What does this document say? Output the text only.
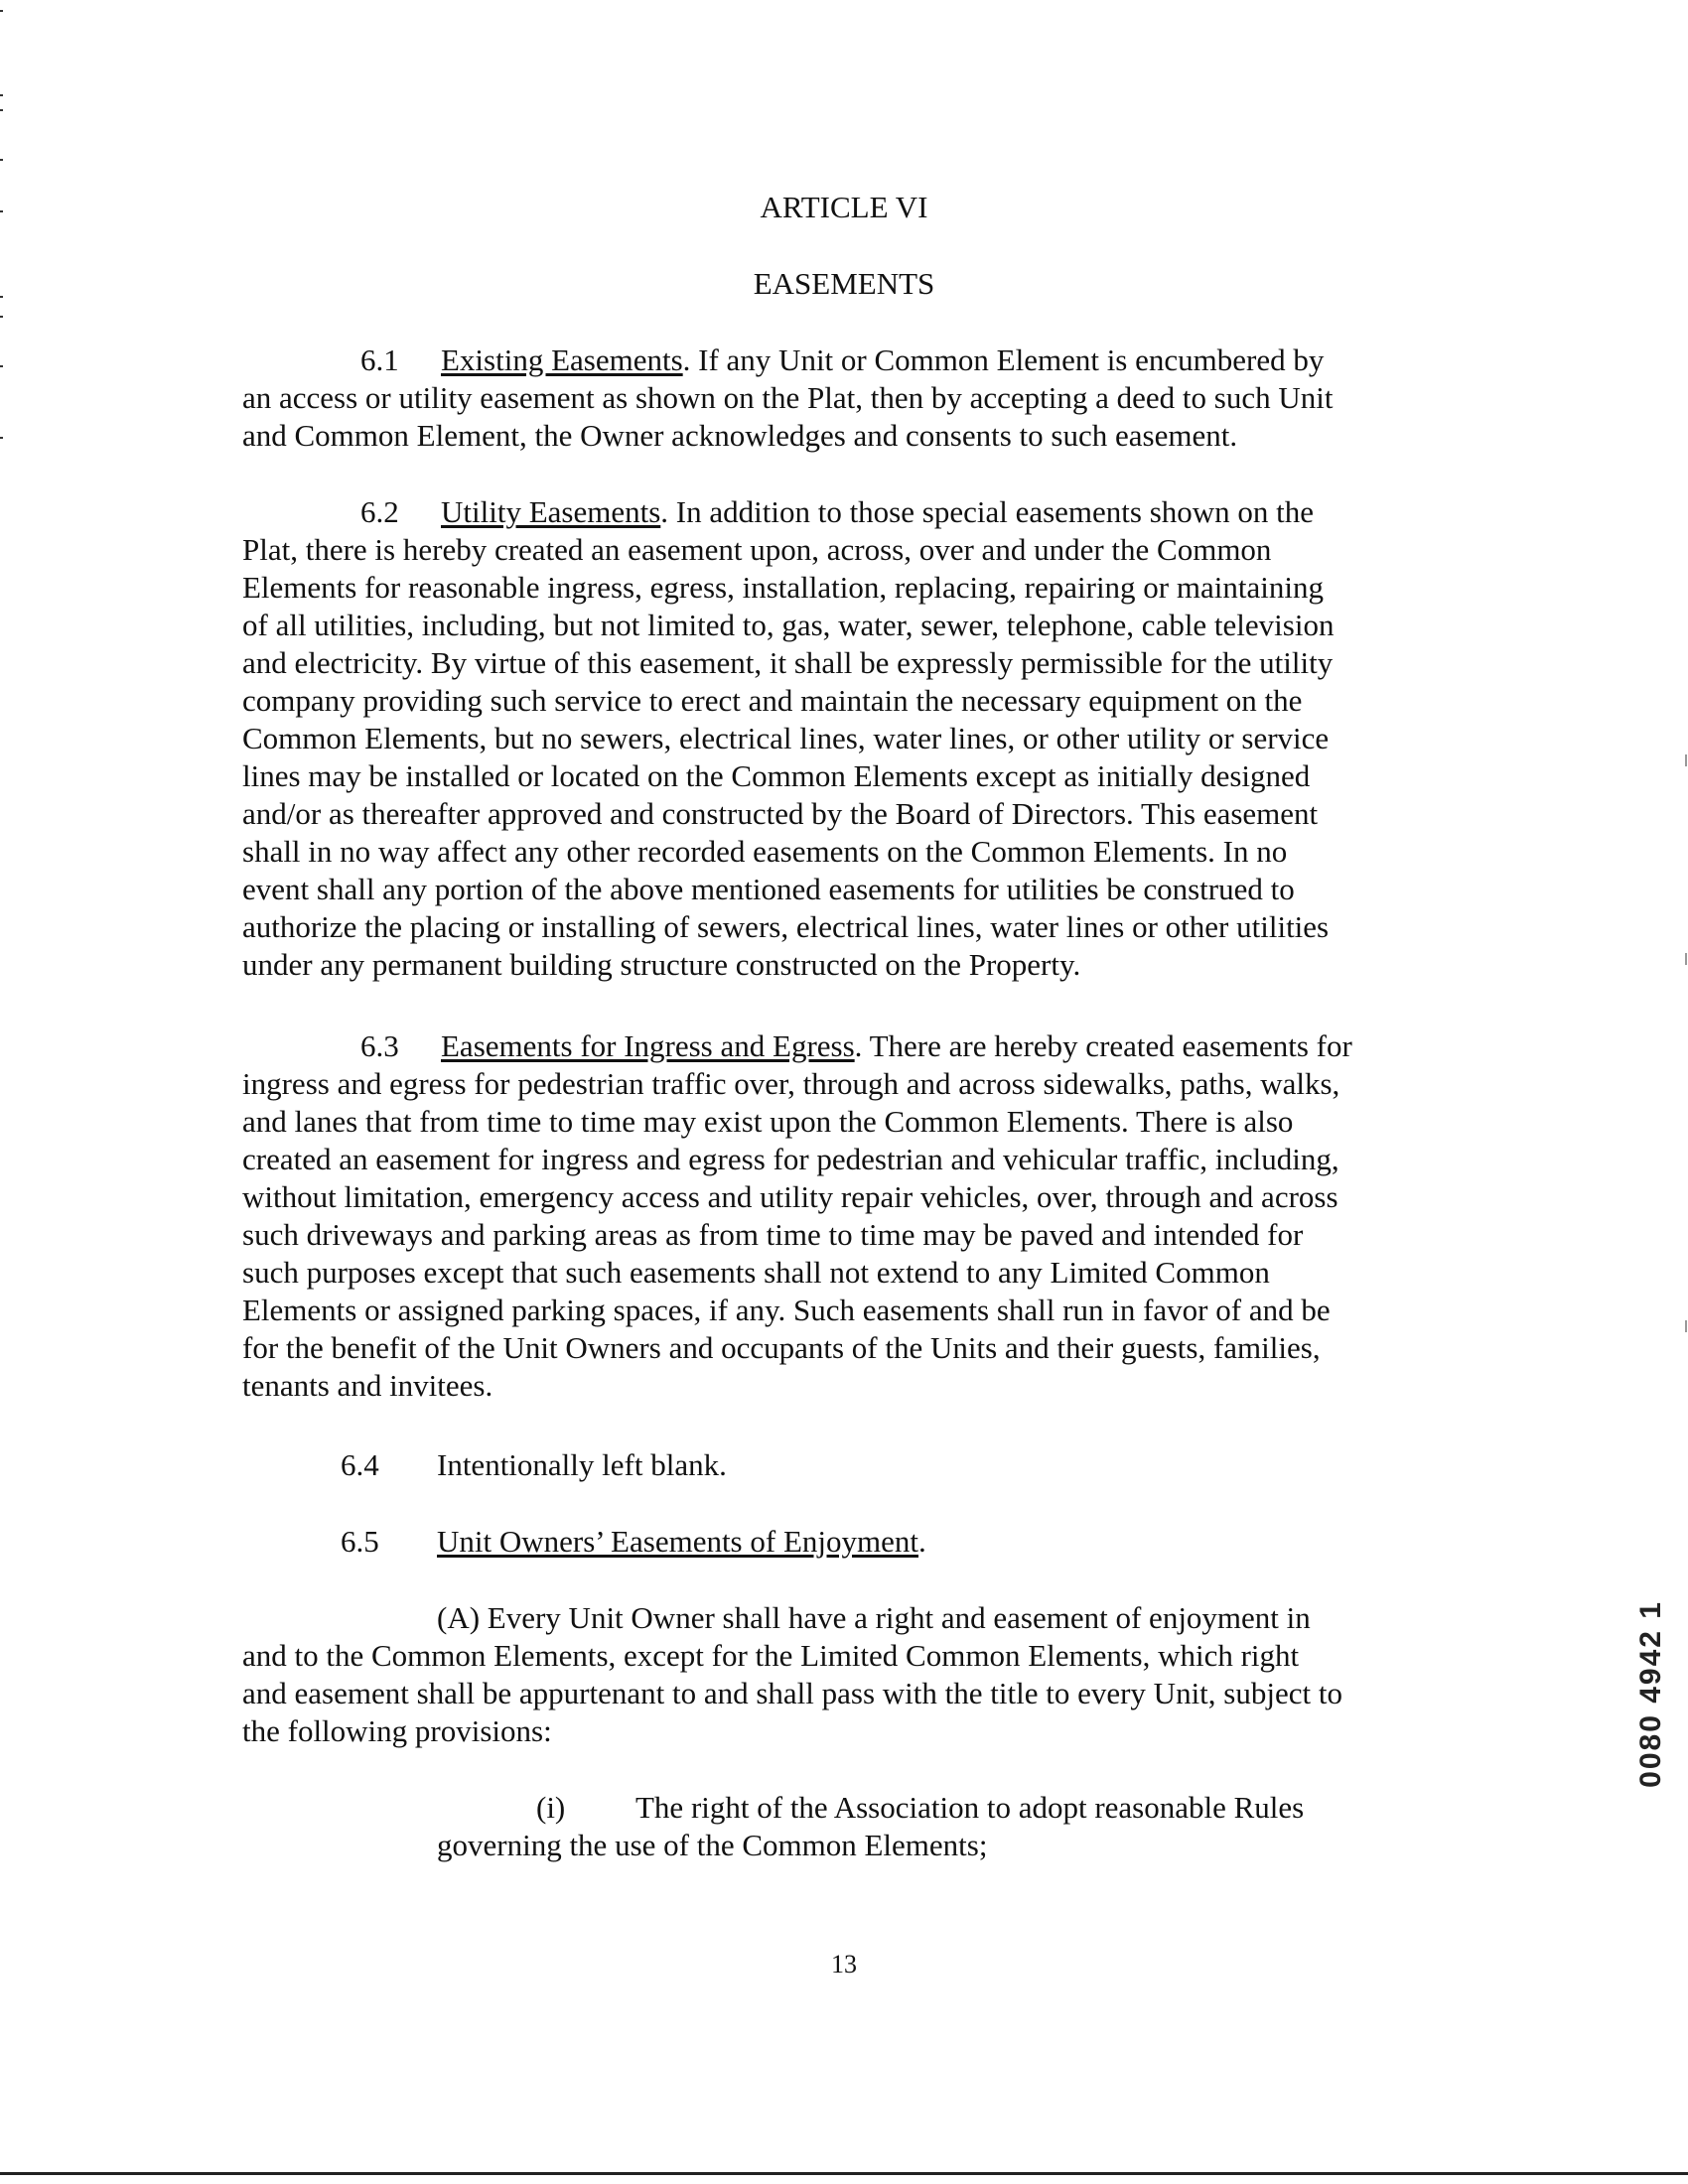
ARTICLE VI
EASEMENTS
6.1 Existing Easements. If any Unit or Common Element is encumbered by
an access or utility easement as shown on the Plat, then by accepting a deed to such Unit
and Common Element, the Owner acknowledges and consents to such easement.
6.2 Utility Easements. In addition to those special easements shown on the
Plat, there is hereby created an easement upon, across, over and under the Common
Elements for reasonable ingress, egress, installation, replacing, repairing or maintaining
of all utilities, including, but not limited to, gas, water, sewer, telephone, cable television
and electricity. By virtue of this easement, it shall be expressly permissible for the utility
company providing such service to erect and maintain the necessary equipment on the
Common Elements, but no sewers, electrical lines, water lines, or other utility or service
lines may be installed or located on the Common Elements except as initially designed
and/or as thereafter approved and constructed by the Board of Directors. This easement
shall in no way affect any other recorded easements on the Common Elements. In no
event shall any portion of the above mentioned easements for utilities be construed to
authorize the placing or installing of sewers, electrical lines, water lines or other utilities
under any permanent building structure constructed on the Property.
6.3 Easements for Ingress and Egress. There are hereby created easements for
ingress and egress for pedestrian traffic over, through and across sidewalks, paths, walks,
and lanes that from time to time may exist upon the Common Elements. There is also
created an easement for ingress and egress for pedestrian and vehicular traffic, including,
without limitation, emergency access and utility repair vehicles, over, through and across
such driveways and parking areas as from time to time may be paved and intended for
such purposes except that such easements shall not extend to any Limited Common
Elements or assigned parking spaces, if any. Such easements shall run in favor of and be
for the benefit of the Unit Owners and occupants of the Units and their guests, families,
tenants and invitees.
6.4 Intentionally left blank.
6.5 Unit Owners’ Easements of Enjoyment.
(A) Every Unit Owner shall have a right and easement of enjoyment in
and to the Common Elements, except for the Limited Common Elements, which right
and easement shall be appurtenant to and shall pass with the title to every Unit, subject to
the following provisions:
(i) The right of the Association to adopt reasonable Rules
governing the use of the Common Elements;
13
0080 4942 1
